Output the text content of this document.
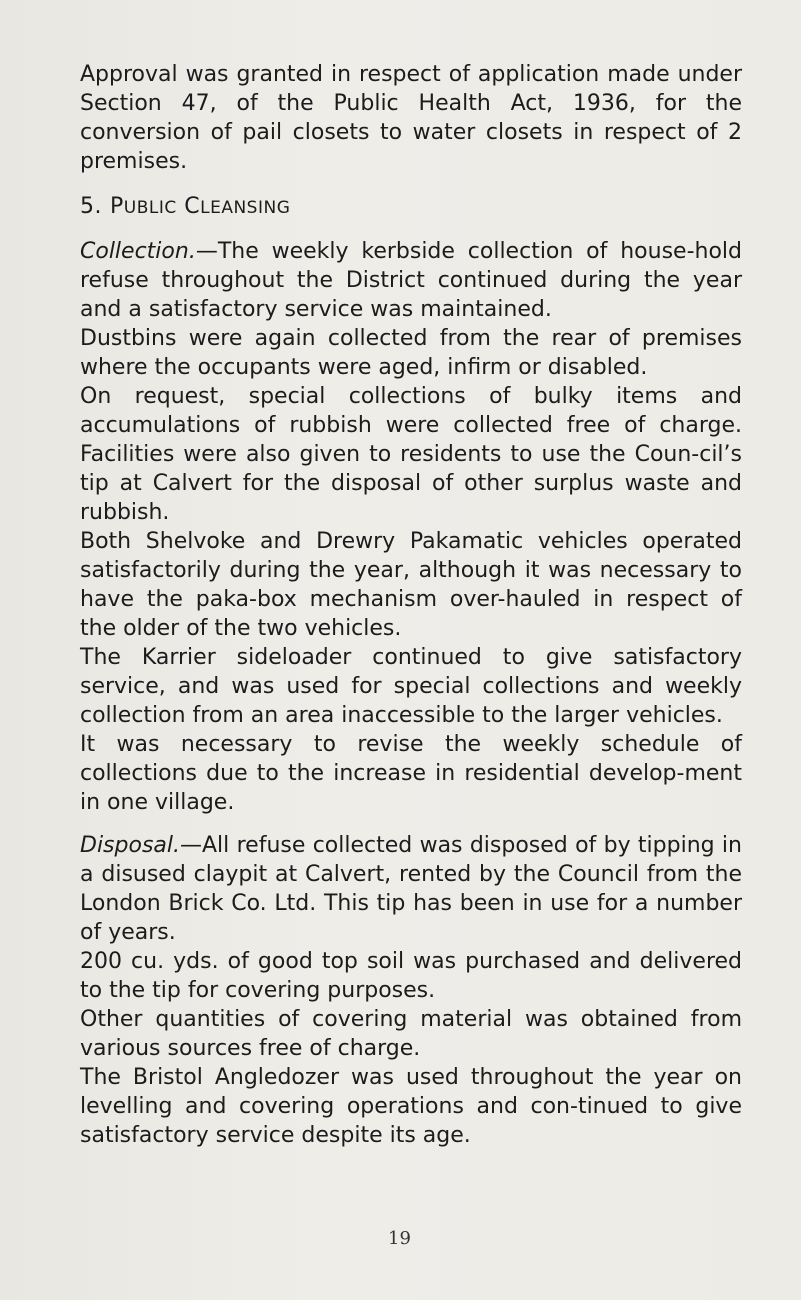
Approval was granted in respect of application made under Section 47, of the Public Health Act, 1936, for the conversion of pail closets to water closets in respect of 2 premises.

5. PUBLIC CLEANSING

Collection.—The weekly kerbside collection of house-hold refuse throughout the District continued during the year and a satisfactory service was maintained.

Dustbins were again collected from the rear of premises where the occupants were aged, infirm or disabled.

On request, special collections of bulky items and accumulations of rubbish were collected free of charge. Facilities were also given to residents to use the Coun-cil’s tip at Calvert for the disposal of other surplus waste and rubbish.

Both Shelvoke and Drewry Pakamatic vehicles operated satisfactorily during the year, although it was necessary to have the paka-box mechanism over-hauled in respect of the older of the two vehicles.

The Karrier sideloader continued to give satisfactory service, and was used for special collections and weekly collection from an area inaccessible to the larger vehicles.

It was necessary to revise the weekly schedule of collections due to the increase in residential develop-ment in one village.

Disposal.—All refuse collected was disposed of by tipping in a disused claypit at Calvert, rented by the Council from the London Brick Co. Ltd. This tip has been in use for a number of years.

200 cu. yds. of good top soil was purchased and delivered to the tip for covering purposes.

Other quantities of covering material was obtained from various sources free of charge.

The Bristol Angledozer was used throughout the year on levelling and covering operations and con-tinued to give satisfactory service despite its age.

19
